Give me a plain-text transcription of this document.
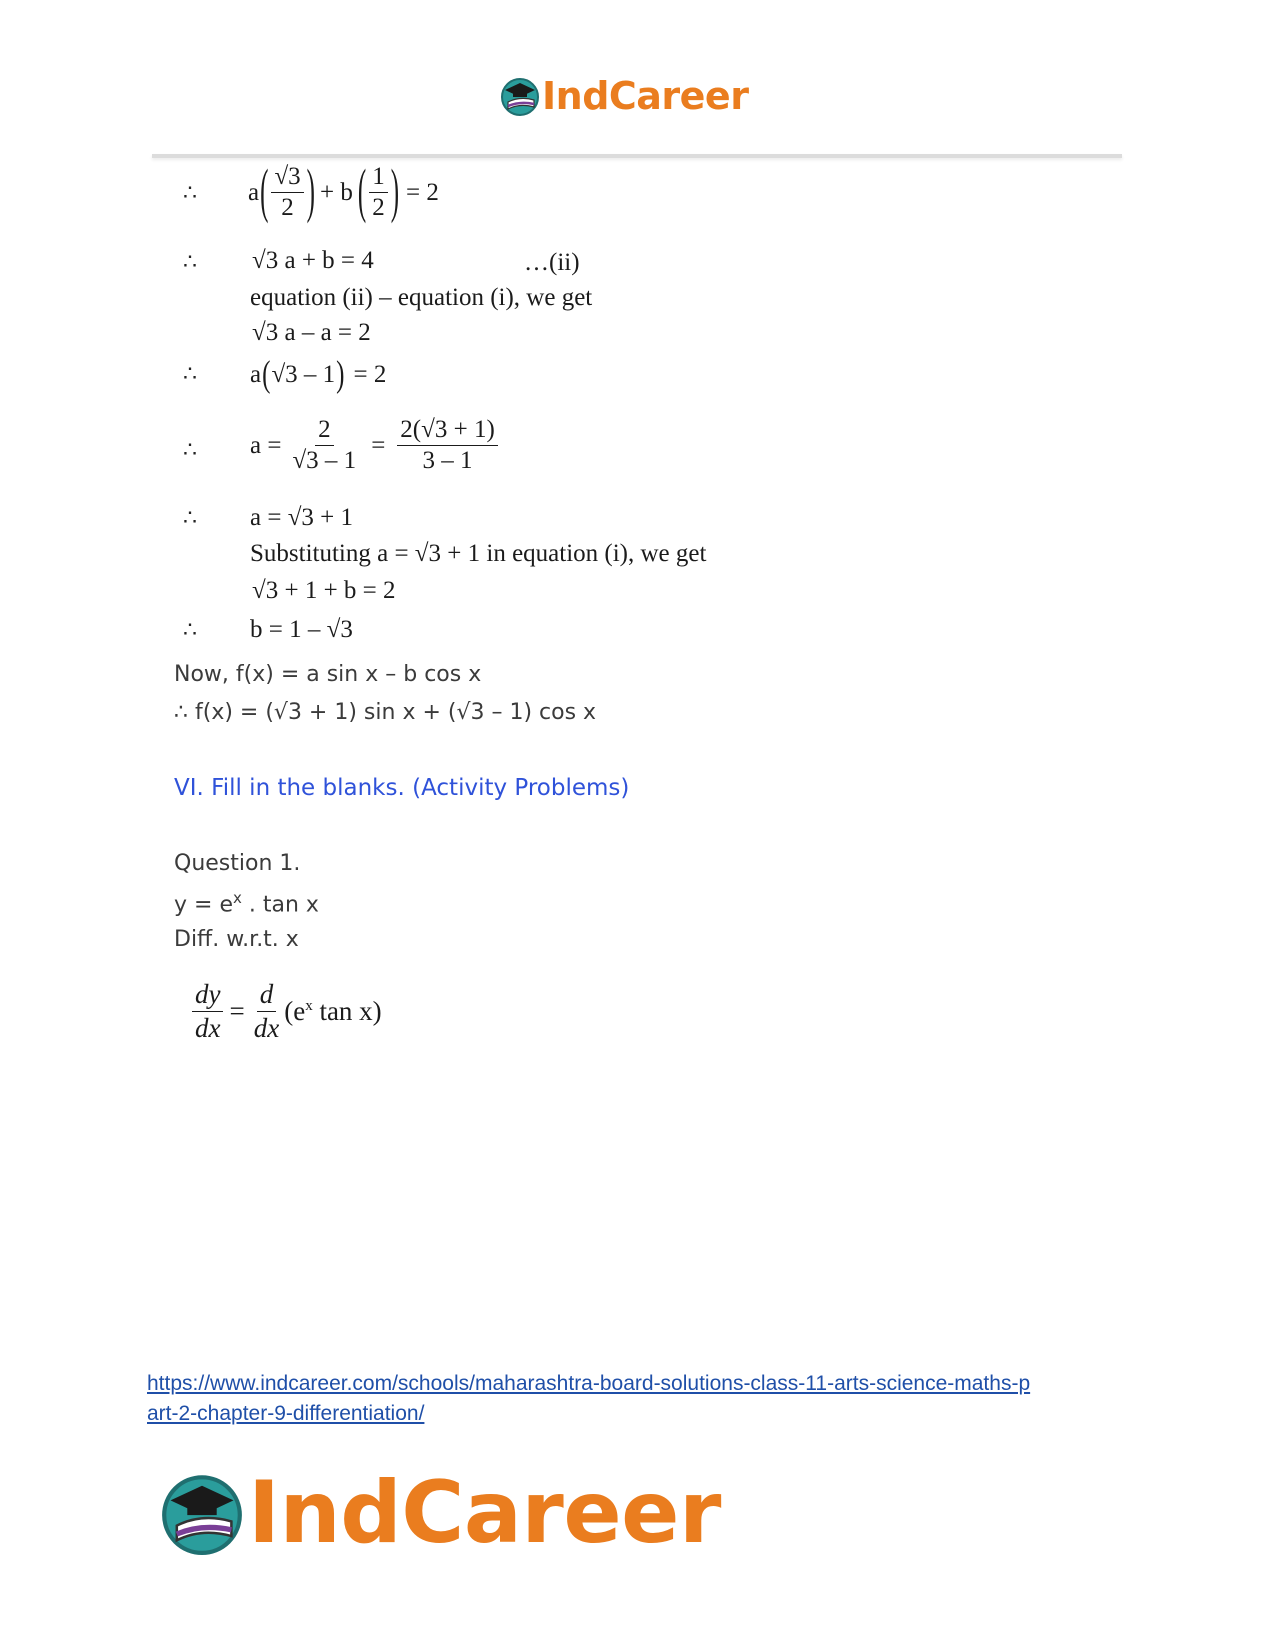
IndCareer
∴ a ( $\frac{√3}{2}$ ) + b ( $\frac{1}{2}$ ) = 2
∴ √3 a + b = 4	…(ii)
equation (ii) – equation (i), we get
√3 a – a = 2
∴ a ( √3 – 1 ) = 2
∴ $a = \frac{2}{√3 - 1} = \frac{2(√3 + 1)}{3 - 1}$
∴ a = √3 + 1
Substituting a = √3 + 1 in equation (i), we get
√3 + 1 + b = 2
∴ b = 1 – √3
Now, f(x) = a sin x – b cos x
∴ f(x) = (√3 + 1) sin x + (√3 – 1) cos x
VI. Fill in the blanks. (Activity Problems)
Question 1.
$y = e^x$ . tan x
Diff. w.r.t. x
$\frac{dy}{dx} = \frac{d}{dx} (e^x$ tan x)
https://www.indcareer.com/schools/maharashtra-board-solutions-class-11-arts-science-maths-p
art-2-chapter-9-differentiation/
IndCareer
